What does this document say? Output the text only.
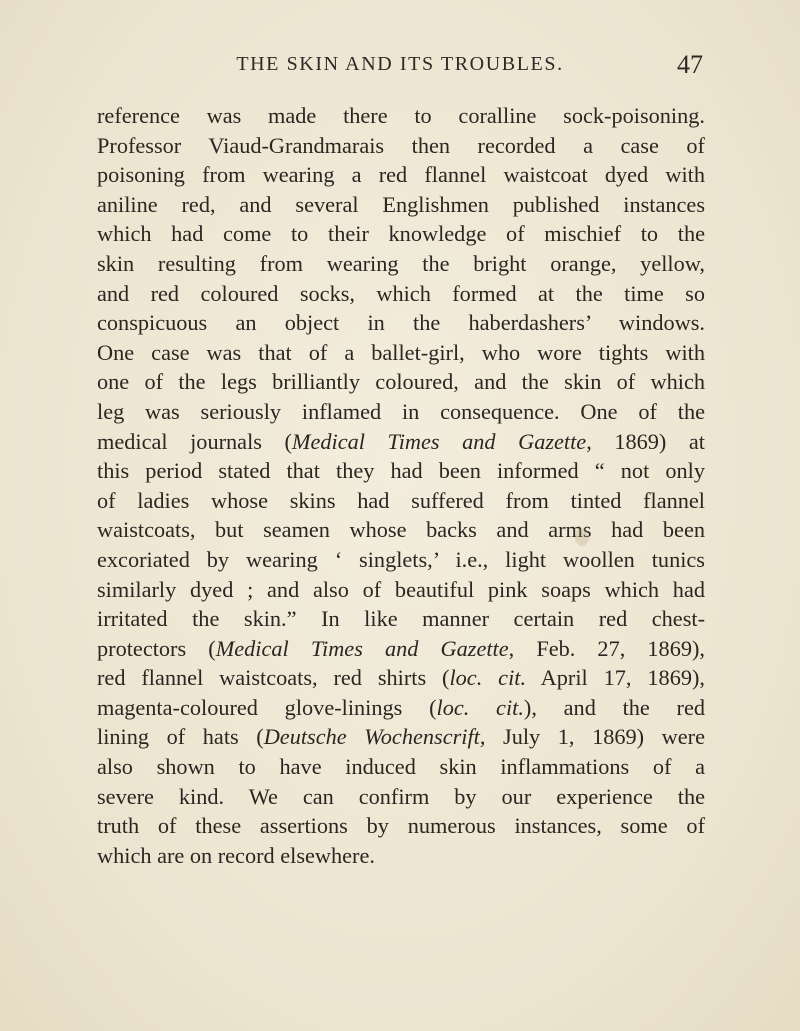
THE SKIN AND ITS TROUBLES.	47

reference was made there to coralline sock-poisoning.
Professor Viaud-Grandmarais then recorded a case of
poisoning from wearing a red flannel waistcoat dyed with
aniline red, and several Englishmen published instances
which had come to their knowledge of mischief to the
skin resulting from wearing the bright orange, yellow,
and red coloured socks, which formed at the time so
conspicuous an object in the haberdashers’ windows.
One case was that of a ballet-girl, who wore tights with
one of the legs brilliantly coloured, and the skin of which
leg was seriously inflamed in consequence. One of the
medical journals (Medical Times and Gazette, 1869) at
this period stated that they had been informed “ not only
of ladies whose skins had suffered from tinted flannel
waistcoats, but seamen whose backs and arms had been
excoriated by wearing ‘ singlets,’ i.e., light woollen tunics
similarly dyed ; and also of beautiful pink soaps which had
irritated the skin.” In like manner certain red chest-
protectors (Medical Times and Gazette, Feb. 27, 1869),
red flannel waistcoats, red shirts (loc. cit. April 17, 1869),
magenta-coloured glove-linings (loc. cit.), and the red
lining of hats (Deutsche Wochenscrift, July 1, 1869) were
also shown to have induced skin inflammations of a
severe kind. We can confirm by our experience the
truth of these assertions by numerous instances, some of
which are on record elsewhere.
